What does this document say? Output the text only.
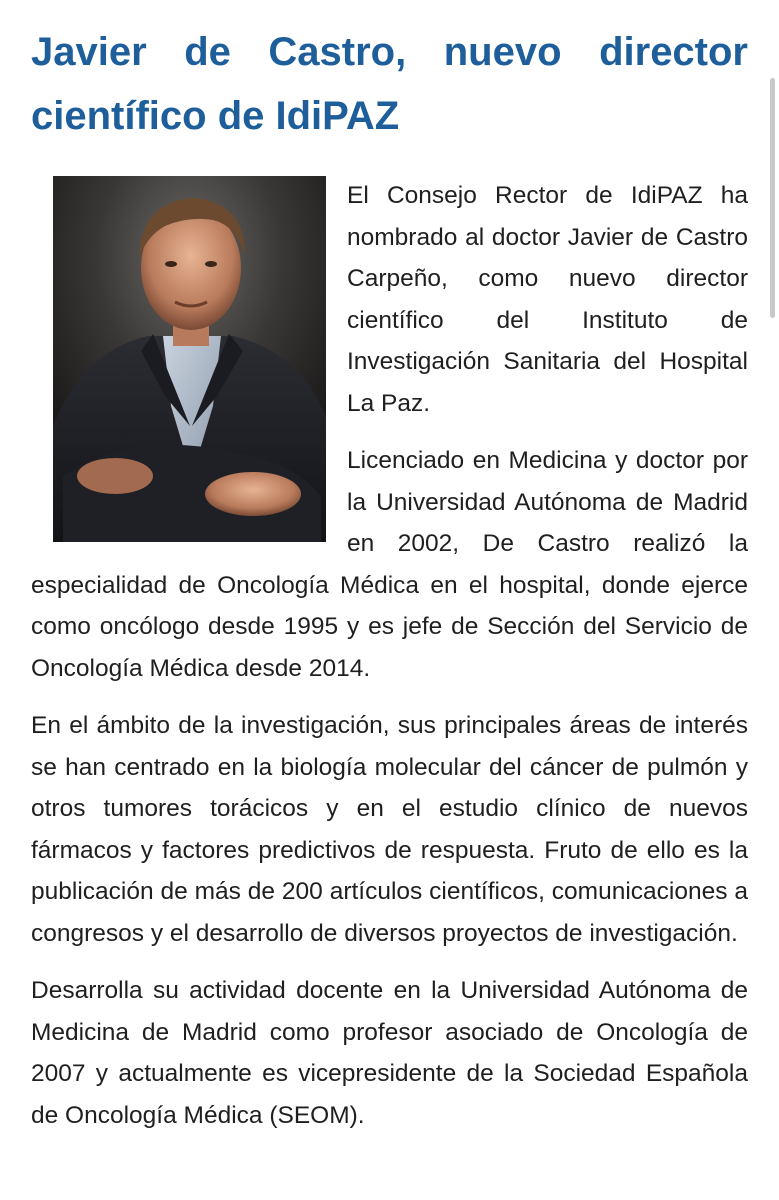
Javier de Castro, nuevo director científico de IdiPAZ

El Consejo Rector de IdiPAZ ha nombrado al doctor Javier de Castro Carpeño, como nuevo director científico del Instituto de Investigación Sanitaria del Hospital La Paz.

Licenciado en Medicina y doctor por la Universidad Autónoma de Madrid en 2002, De Castro realizó la especialidad de Oncología Médica en el hospital, donde ejerce como oncólogo desde 1995 y es jefe de Sección del Servicio de Oncología Médica desde 2014.

En el ámbito de la investigación, sus principales áreas de interés se han centrado en la biología molecular del cáncer de pulmón y otros tumores torácicos y en el estudio clínico de nuevos fármacos y factores predictivos de respuesta. Fruto de ello es la publicación de más de 200 artículos científicos, comunicaciones a congresos y el desarrollo de diversos proyectos de investigación.

Desarrolla su actividad docente en la Universidad Autónoma de Medicina de Madrid como profesor asociado de Oncología de 2007 y actualmente es vicepresidente de la Sociedad Española de Oncología Médica (SEOM).
